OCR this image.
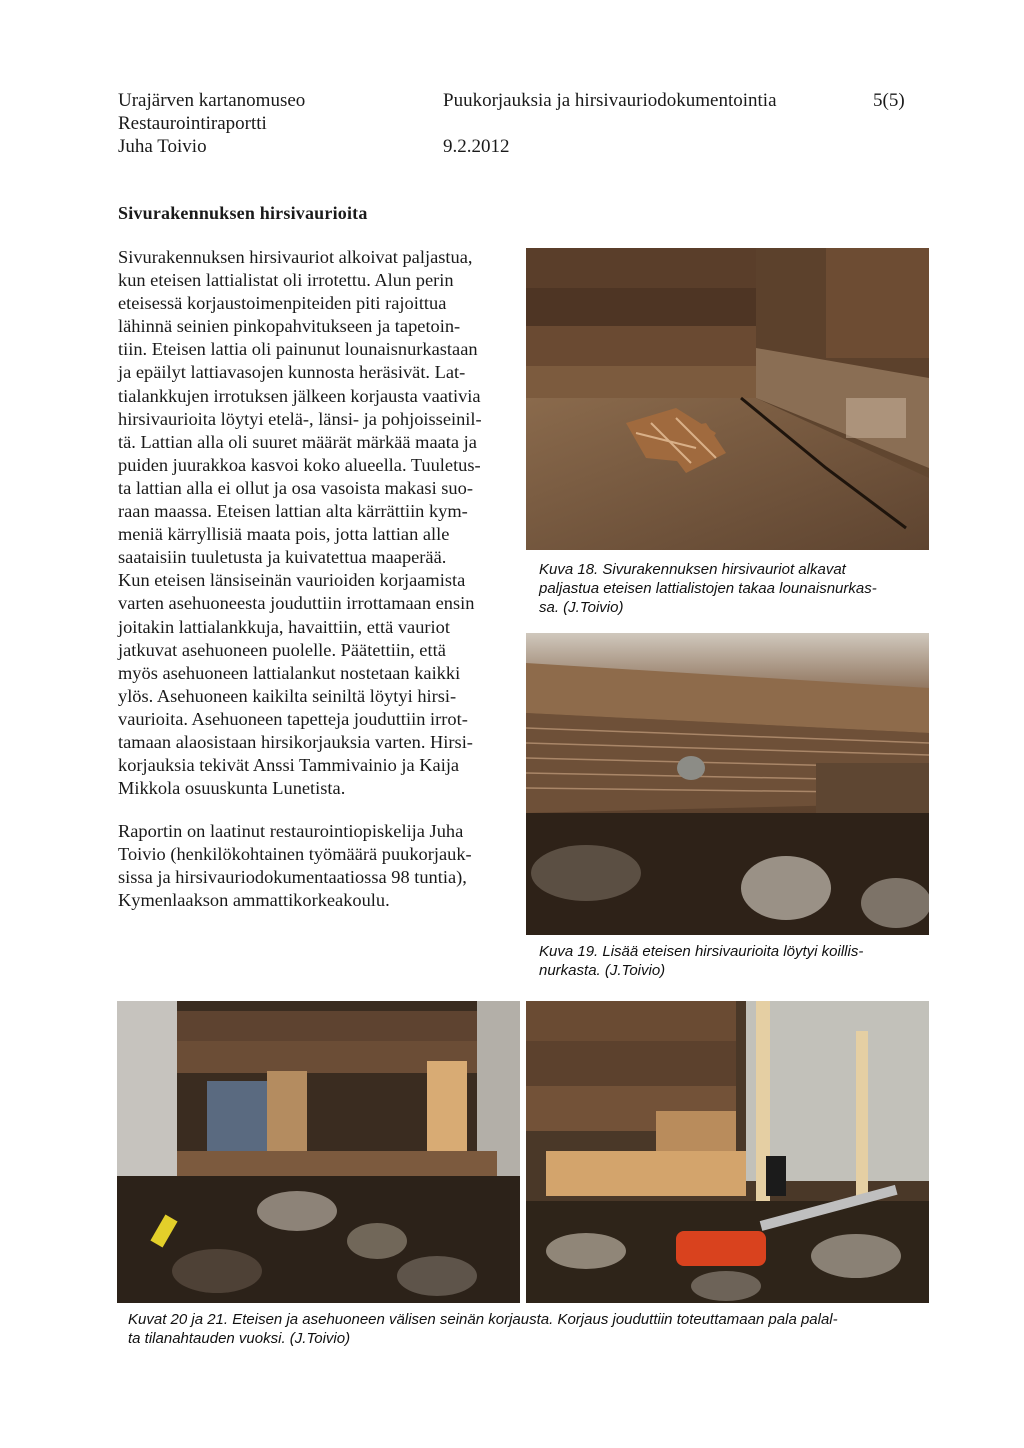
Urajärven kartanomuseo
Restaurointiraportti
Juha Toivio
Puukorjauksia ja hirsivauriodokumentointia
9.2.2012
5(5)
Sivurakennuksen hirsivaurioita
Sivurakennuksen hirsivauriot alkoivat paljastua,
kun eteisen lattialistat oli irrotettu. Alun perin
eteisessä korjaustoimenpiteiden piti rajoittua
lähinnä seinien pinkopahvitukseen ja tapetoin-
tiin. Eteisen lattia oli painunut lounaisnurkastaan
ja epäilyt lattiavasojen kunnosta heräsivät. Lat-
tialankkujen irrotuksen jälkeen korjausta vaativia
hirsivaurioita löytyi etelä-, länsi- ja pohjoisseinil-
tä. Lattian alla oli suuret määrät märkää maata ja
puiden juurakkoa kasvoi koko alueella. Tuuletus-
ta lattian alla ei ollut ja osa vasoista makasi suo-
raan maassa. Eteisen lattian alta kärrättiin kym-
meniä kärryllisiä maata pois, jotta lattian alle
saataisiin tuuletusta ja kuivatettua maaperää.
Kun eteisen länsiseinän vaurioiden korjaamista
varten asehuoneesta jouduttiin irrottamaan ensin
joitakin lattialankkuja, havaittiin, että vauriot
jatkuvat asehuoneen puolelle. Päätettiin, että
myös asehuoneen lattialankut nostetaan kaikki
ylös. Asehuoneen kaikilta seiniltä löytyi hirsi-
vaurioita. Asehuoneen tapetteja jouduttiin irrot-
tamaan alaosistaan hirsikorjauksia varten. Hirsi-
korjauksia tekivät Anssi Tammivainio ja Kaija
Mikkola osuuskunta Lunetista.
Raportin on laatinut restaurointiopiskelija Juha
Toivio (henkilökohtainen työmäärä puukorjauk-
sissa ja hirsivauriodokumentaatiossa 98 tuntia),
Kymenlaakson ammattikorkeakoulu.
Kuva 18. Sivurakennuksen hirsivauriot alkavat
paljastua eteisen lattialistojen takaa lounaisnurkas-
sa. (J.Toivio)
Kuva 19. Lisää eteisen hirsivaurioita löytyi koillis-
nurkasta. (J.Toivio)
Kuvat 20 ja 21. Eteisen ja asehuoneen välisen seinän korjausta. Korjaus jouduttiin toteuttamaan pala palal-
ta tilanahtauden vuoksi. (J.Toivio)
